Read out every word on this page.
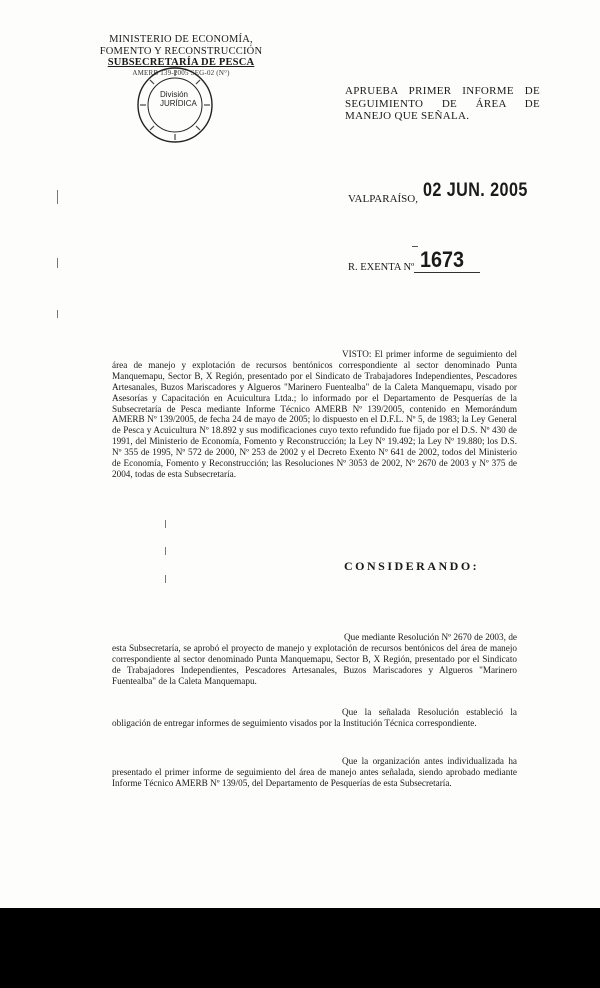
MINISTERIO DE ECONOMÍA,
FOMENTO Y RECONSTRUCCIÓN
SUBSECRETARÍA DE PESCA
AMERB 139-2005 SEG-02 (N°)
División
JURÍDICA
APRUEBA PRIMER INFORME DE SEGUIMIENTO DE ÁREA DE MANEJO QUE SEÑALA.
VALPARAÍSO, 02 JUN. 2005
R. EXENTA Nº 1673
VISTO: El primer informe de seguimiento del área de manejo y explotación de recursos bentónicos correspondiente al sector denominado Punta Manquemapu, Sector B, X Región, presentado por el Sindicato de Trabajadores Independientes, Pescadores Artesanales, Buzos Mariscadores y Algueros "Marinero Fuentealba" de la Caleta Manquemapu, visado por Asesorías y Capacitación en Acuicultura Ltda.; lo informado por el Departamento de Pesquerías de la Subsecretaría de Pesca mediante Informe Técnico AMERB Nº 139/2005, contenido en Memorándum AMERB Nº 139/2005, de fecha 24 de mayo de 2005; lo dispuesto en el D.F.L. Nº 5, de 1983; la Ley General de Pesca y Acuicultura Nº 18.892 y sus modificaciones cuyo texto refundido fue fijado por el D.S. Nº 430 de 1991, del Ministerio de Economía, Fomento y Reconstrucción; la Ley Nº 19.492; la Ley Nº 19.880; los D.S. Nº 355 de 1995, Nº 572 de 2000, Nº 253 de 2002 y el Decreto Exento Nº 641 de 2002, todos del Ministerio de Economía, Fomento y Reconstrucción; las Resoluciones Nº 3053 de 2002, Nº 2670 de 2003 y Nº 375 de 2004, todas de esta Subsecretaría.
CONSIDERANDO:
Que mediante Resolución Nº 2670 de 2003, de esta Subsecretaría, se aprobó el proyecto de manejo y explotación de recursos bentónicos del área de manejo correspondiente al sector denominado Punta Manquemapu, Sector B, X Región, presentado por el Sindicato de Trabajadores Independientes, Pescadores Artesanales, Buzos Mariscadores y Algueros "Marinero Fuentealba" de la Caleta Manquemapu.
Que la señalada Resolución estableció la obligación de entregar informes de seguimiento visados por la Institución Técnica correspondiente.
Que la organización antes individualizada ha presentado el primer informe de seguimiento del área de manejo antes señalada, siendo aprobado mediante Informe Técnico AMERB Nº 139/05, del Departamento de Pesquerías de esta Subsecretaría.
